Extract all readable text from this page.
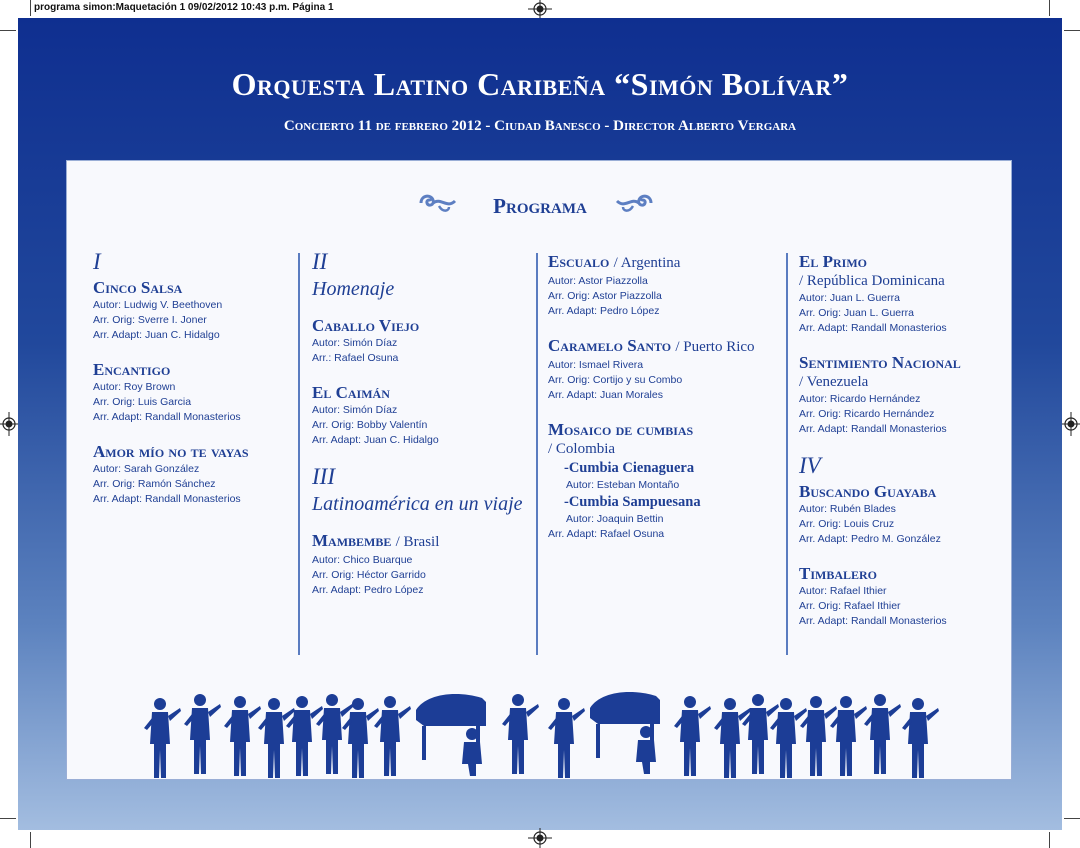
programa simon:Maquetación 1 09/02/2012 10:43 p.m. Página 1
Orquesta Latino Caribeña “Simón Bolívar”
Concierto 11 de febrero 2012 - Ciudad Banesco - Director Alberto Vergara
Programa
I
Cinco Salsa
Autor: Ludwig V. Beethoven
Arr. Orig: Sverre I. Joner
Arr. Adapt: Juan C. Hidalgo
Encantigo
Autor: Roy Brown
Arr. Orig: Luis Garcia
Arr. Adapt: Randall Monasterios
Amor mío no te vayas
Autor: Sarah González
Arr. Orig: Ramón Sánchez
Arr. Adapt: Randall Monasterios
II
Homenaje
Caballo Viejo
Autor: Simón Díaz
Arr.: Rafael Osuna
El Caimán
Autor: Simón Díaz
Arr. Orig: Bobby Valentín
Arr. Adapt: Juan C. Hidalgo
III
Latinoamérica en un viaje
Mambembe / Brasil
Autor: Chico Buarque
Arr. Orig: Héctor Garrido
Arr. Adapt: Pedro López
Escualo / Argentina
Autor: Astor Piazzolla
Arr. Orig: Astor Piazzolla
Arr. Adapt: Pedro López
Caramelo Santo / Puerto Rico
Autor: Ismael Rivera
Arr. Orig: Cortijo y su Combo
Arr. Adapt: Juan Morales
Mosaico de cumbias
/ Colombia
-Cumbia Cienaguera
Autor: Esteban Montaño
-Cumbia Sampuesana
Autor: Joaquin Bettin
Arr. Adapt: Rafael Osuna
El Primo
/ República Dominicana
Autor: Juan L. Guerra
Arr. Orig: Juan L. Guerra
Arr. Adapt: Randall Monasterios
Sentimiento Nacional
/ Venezuela
Autor: Ricardo Hernández
Arr. Orig: Ricardo Hernández
Arr. Adapt: Randall Monasterios
IV
Buscando Guayaba
Autor: Rubén Blades
Arr. Orig: Louis Cruz
Arr. Adapt: Pedro M. González
Timbalero
Autor: Rafael Ithier
Arr. Orig: Rafael Ithier
Arr. Adapt: Randall Monasterios
